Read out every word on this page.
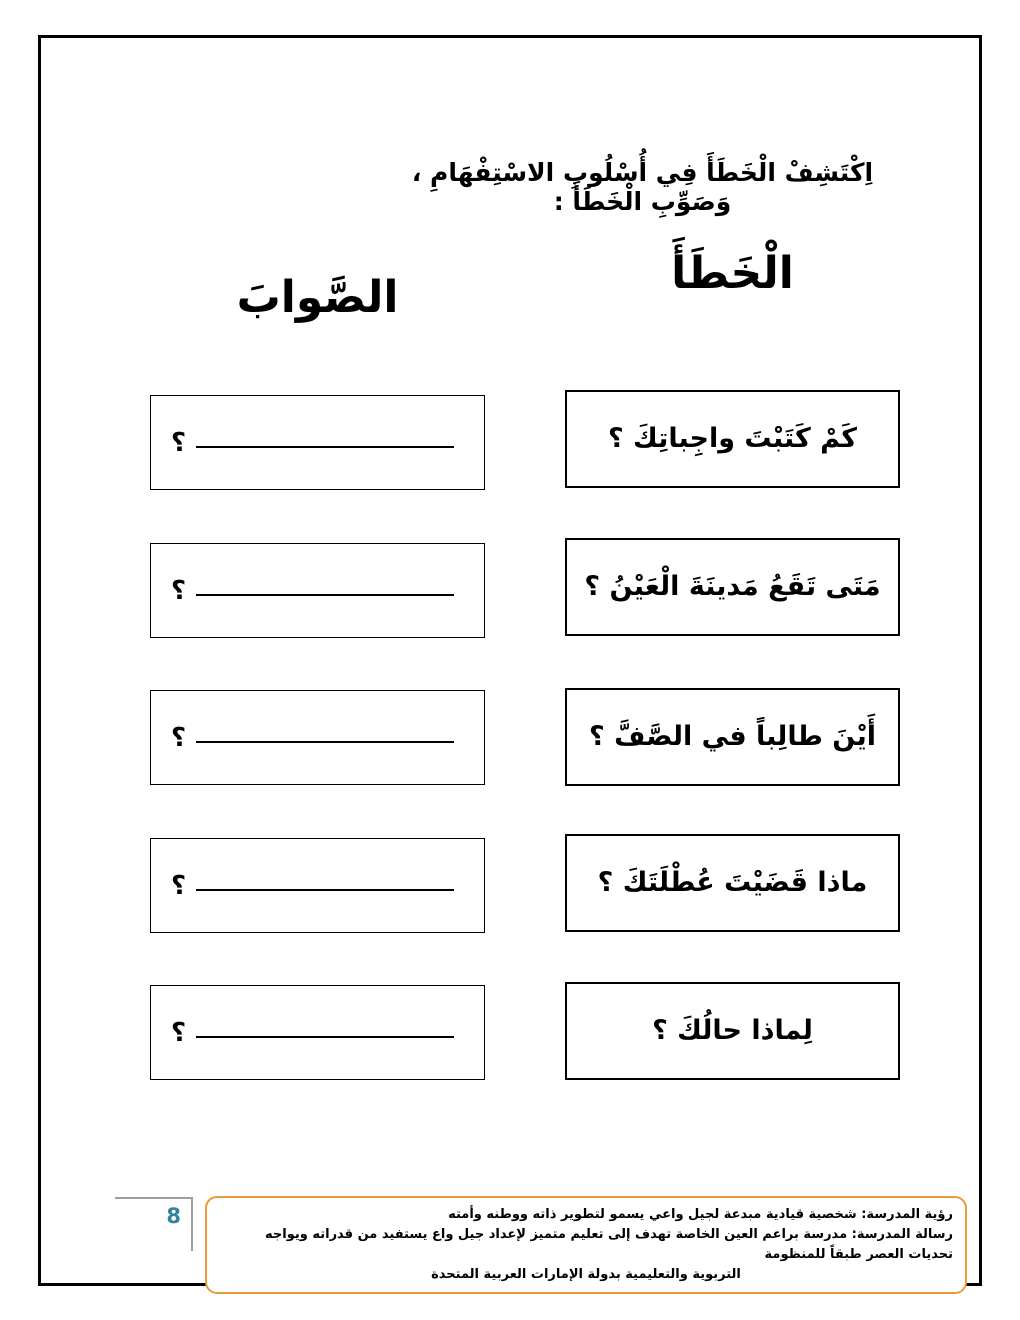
اِكْتَشِفْ الْخَطَأَ فِي أُسْلُوبِ الاسْتِفْهَامِ ، وَصَوِّبِ الْخَطَأَ :
الْخَطَأَ
الصَّوابَ
كَمْ كَتَبْتَ واجِباتِكَ ؟
مَتَى تَقَعُ مَدينَةَ الْعَيْنُ ؟
أَيْنَ طالِباً في الصَّفَّ ؟
ماذا قَضَيْتَ عُطْلَتَكَ ؟
لِماذا حالُكَ ؟
؟
؟
؟
؟
؟
8	رؤية المدرسة: شخصية قيادية مبدعة لجيل واعي يسمو لتطوير ذاته ووطنه وأمته
رسالة المدرسة: مدرسة براعم العين الخاصة تهدف إلى تعليم متميز لإعداد جيل واع يستفيد من قدراته ويواجه تحديات العصر طبقاً للمنظومة
التربوية والتعليمية بدولة الإمارات العربية المتحدة
